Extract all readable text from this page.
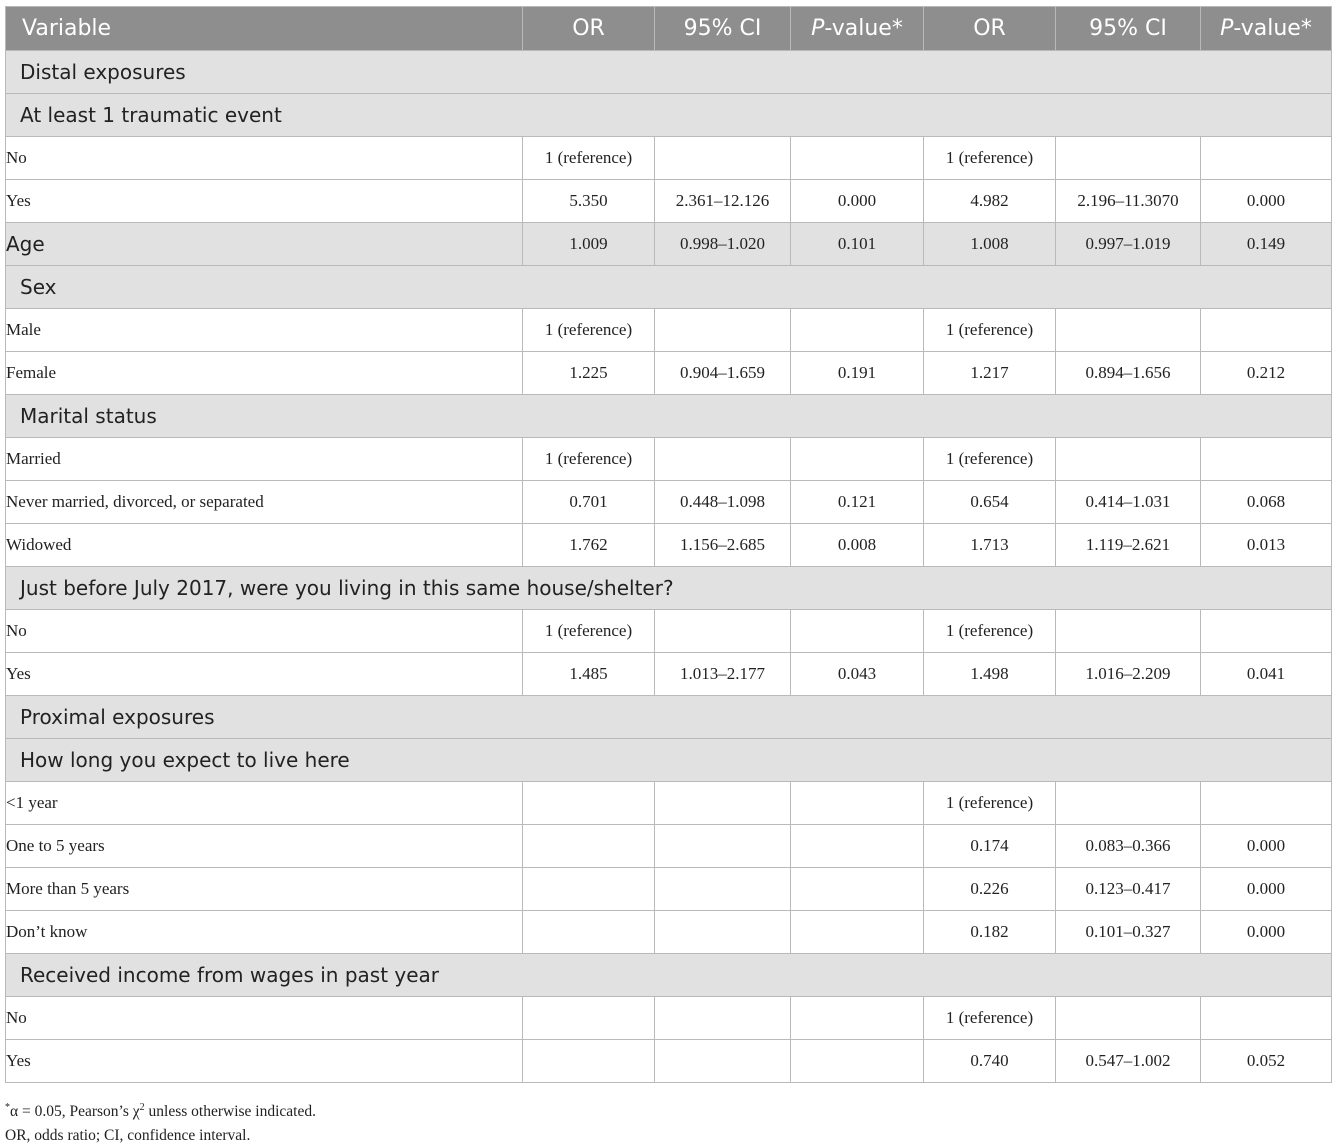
Variable	OR	95% CI	P-value*	OR	95% CI	P-value*
Distal exposures						
At least 1 traumatic event						
No	1 (reference)			1 (reference)		
Yes	5.350	2.361–12.126	0.000	4.982	2.196–11.3070	0.000
Age	1.009	0.998–1.020	0.101	1.008	0.997–1.019	0.149
Sex						
Male	1 (reference)			1 (reference)		
Female	1.225	0.904–1.659	0.191	1.217	0.894–1.656	0.212
Marital status						
Married	1 (reference)			1 (reference)		
Never married, divorced, or separated	0.701	0.448–1.098	0.121	0.654	0.414–1.031	0.068
Widowed	1.762	1.156–2.685	0.008	1.713	1.119–2.621	0.013
Just before July 2017, were you living in this same house/shelter?						
No	1 (reference)			1 (reference)		
Yes	1.485	1.013–2.177	0.043	1.498	1.016–2.209	0.041
Proximal exposures						
How long you expect to live here						
<1 year				1 (reference)		
One to 5 years				0.174	0.083–0.366	0.000
More than 5 years				0.226	0.123–0.417	0.000
Don’t know				0.182	0.101–0.327	0.000
Received income from wages in past year						
No				1 (reference)		
Yes				0.740	0.547–1.002	0.052
*α = 0.05, Pearson’s $\chi^2$ unless otherwise indicated.
OR, odds ratio; CI, confidence interval.
